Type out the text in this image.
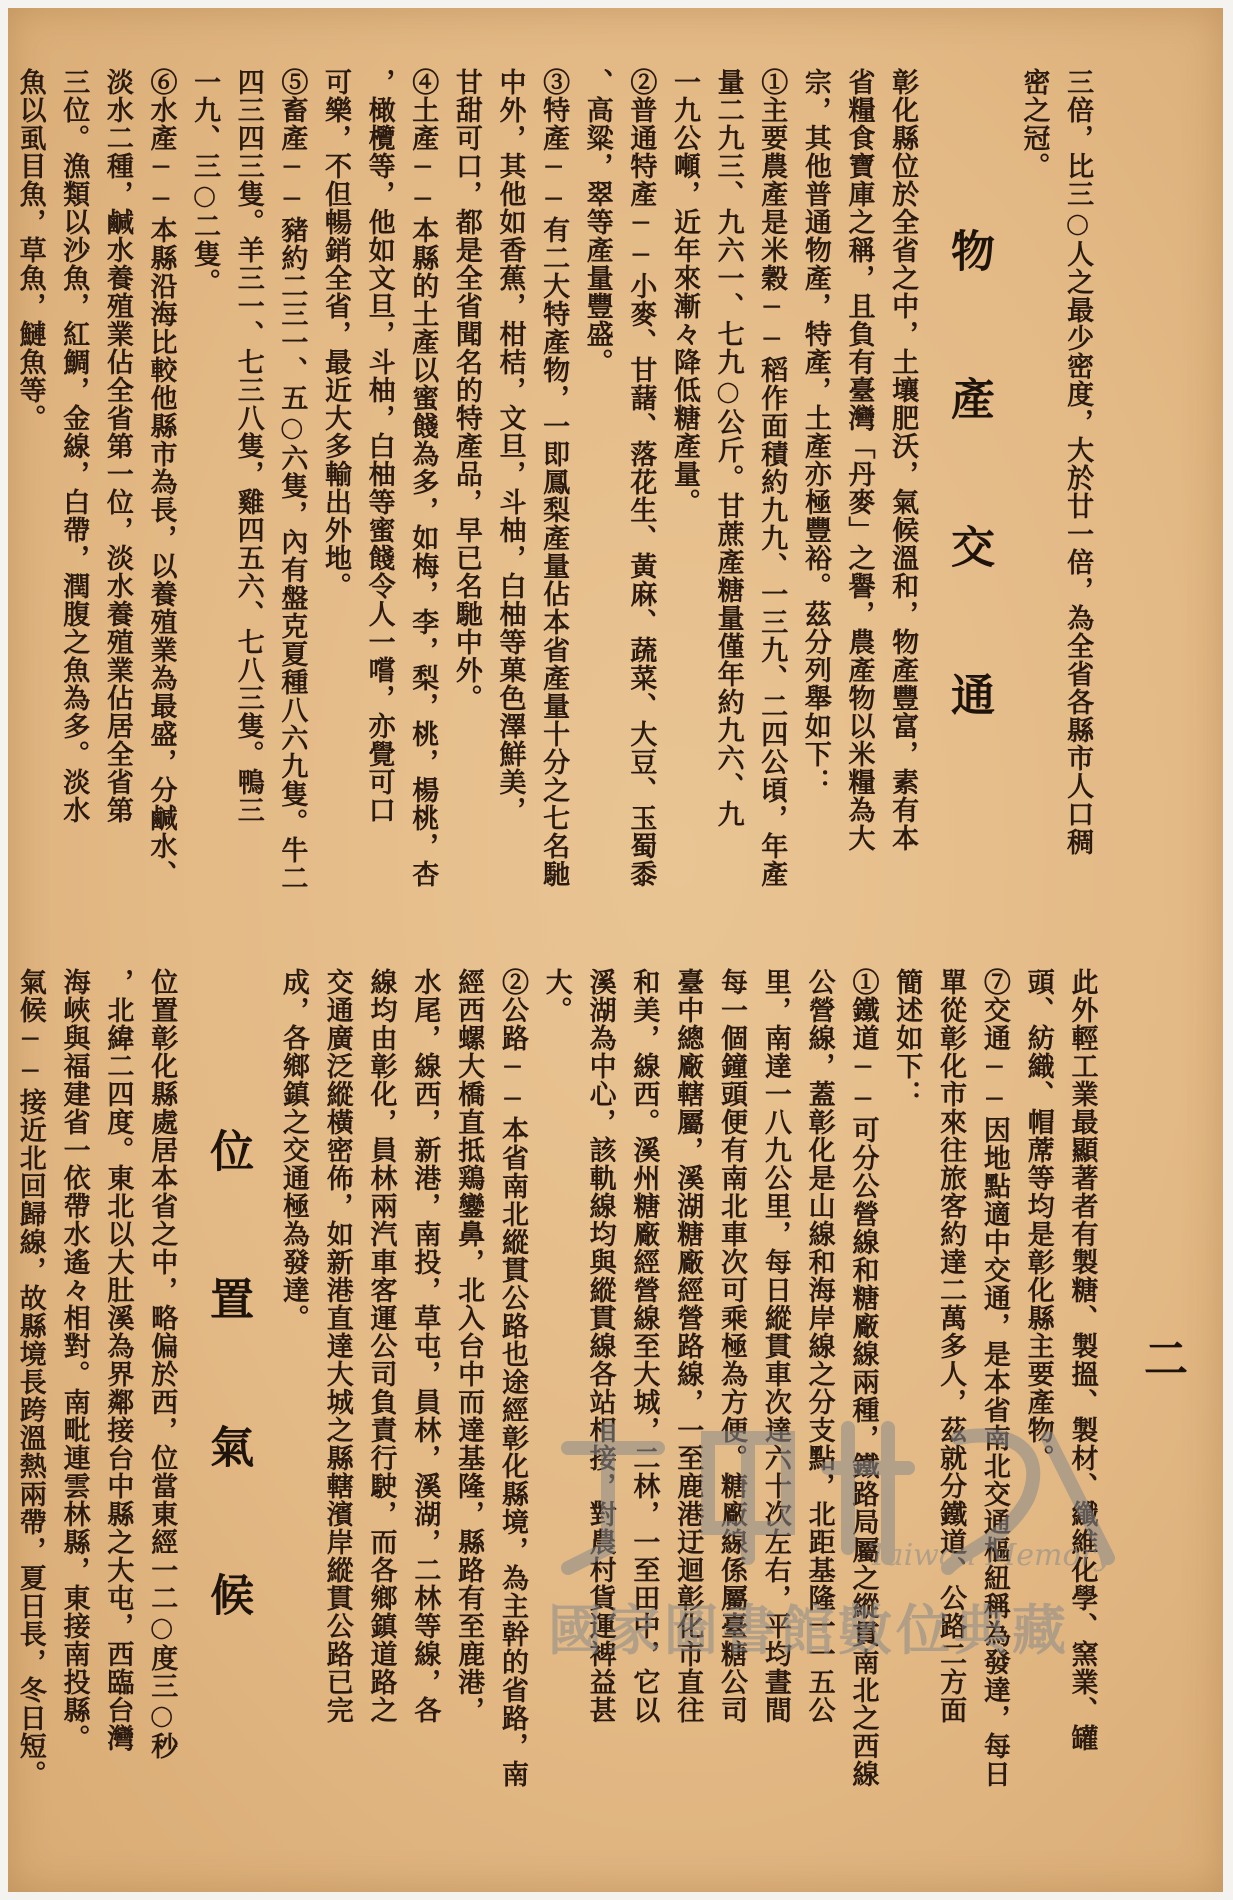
三倍，比三○人之最少密度，大於廿一倍，為全省各縣市人口稠
密之冠。
物　產　交　通
彰化縣位於全省之中，土壤肥沃，氣候溫和，物產豐富，素有本
省糧食寶庫之稱，且負有臺灣「丹麥」之譽，農產物以米糧為大
宗，其他普通物產，特產，土產亦極豐裕。茲分列舉如下：
①主要農產是米穀──稻作面積約九九、一三九、二四公頃，年產
量二九三、九六一、七九○公斤。甘蔗產糖量僅年約九六、九
一九公噸，近年來漸々降低糖產量。
②普通特產──小麥、甘藷、落花生、黃麻、蔬菜、大豆、玉蜀黍
、高粱，翠等產量豐盛。
③特產──有二大特產物，一即鳳梨產量佔本省產量十分之七名馳
中外，其他如香蕉，柑桔，文旦，斗柚，白柚等菓色澤鮮美，
甘甜可口，都是全省聞名的特產品，早已名馳中外。
④土產──本縣的土產以蜜餞為多，如梅，李，梨，桃，楊桃，杏
，橄欖等，他如文旦，斗柚，白柚等蜜餞令人一嚐，亦覺可口
可樂，不但暢銷全省，最近大多輸出外地。
⑤畜產──豬約二三一、五○六隻，內有盤克夏種八六九隻。牛二
四三四三隻。羊三一、七三八隻，雞四五六、七八三隻。鴨三
一九、三○二隻。
⑥水產──本縣沿海比較他縣市為長，以養殖業為最盛，分鹹水、
淡水二種，鹹水養殖業佔全省第一位，淡水養殖業佔居全省第
三位。漁類以沙魚，紅鯛，金線，白帶，潤腹之魚為多。淡水
魚以虱目魚，草魚，鰱魚等。
此外輕工業最顯著者有製糖、製搵、製材、纖維化學、窯業、罐
頭、紡織、帽蓆等均是彰化縣主要產物。
⑦交通──因地點適中交通，是本省南北交通樞紐稱為發達，每日
單從彰化市來往旅客約達二萬多人，茲就分鐵道、公路二方面
簡述如下：
①鐵道──可分公營線和糖廠線兩種，鐵路局屬之縱貫南北之西線
公營線，蓋彰化是山線和海岸線之分支點，北距基隆一一五公
里，南達一八九公里，每日縱貫車次達六十次左右，平均晝間
每一個鐘頭便有南北車次可乘極為方便。糖廠線係屬臺糖公司
臺中總廠轄屬，溪湖糖廠經營路線，一至鹿港迂迴彰化市直往
和美，線西。溪州糖廠經營線至大城，二林，一至田中，它以
溪湖為中心，該軌線均與縱貫線各站相接，對農村貨運裨益甚
大。
②公路──本省南北縱貫公路也途經彰化縣境，為主幹的省路，南
經西螺大橋直抵鶏鑾鼻，北入台中而達基隆，縣路有至鹿港，
水尾，線西，新港，南投，草屯，員林，溪湖，二林等線，各
線均由彰化，員林兩汽車客運公司負責行駛，而各鄉鎮道路之
交通廣泛縱橫密佈，如新港直達大城之縣轄濱岸縱貫公路已完
成，各鄉鎮之交通極為發達。
位　置　氣　候
位置彰化縣處居本省之中，略偏於西，位當東經一二○度三○秒
，北緯二四度。東北以大肚溪為界鄰接台中縣之大屯，西臨台灣
海峽與福建省一依帶水遙々相對。南毗連雲林縣，東接南投縣。
氣候──接近北回歸線，故縣境長跨溫熱兩帶，夏日長，冬日短。	二
Taiwan Memory
國家圖書館數位典藏
